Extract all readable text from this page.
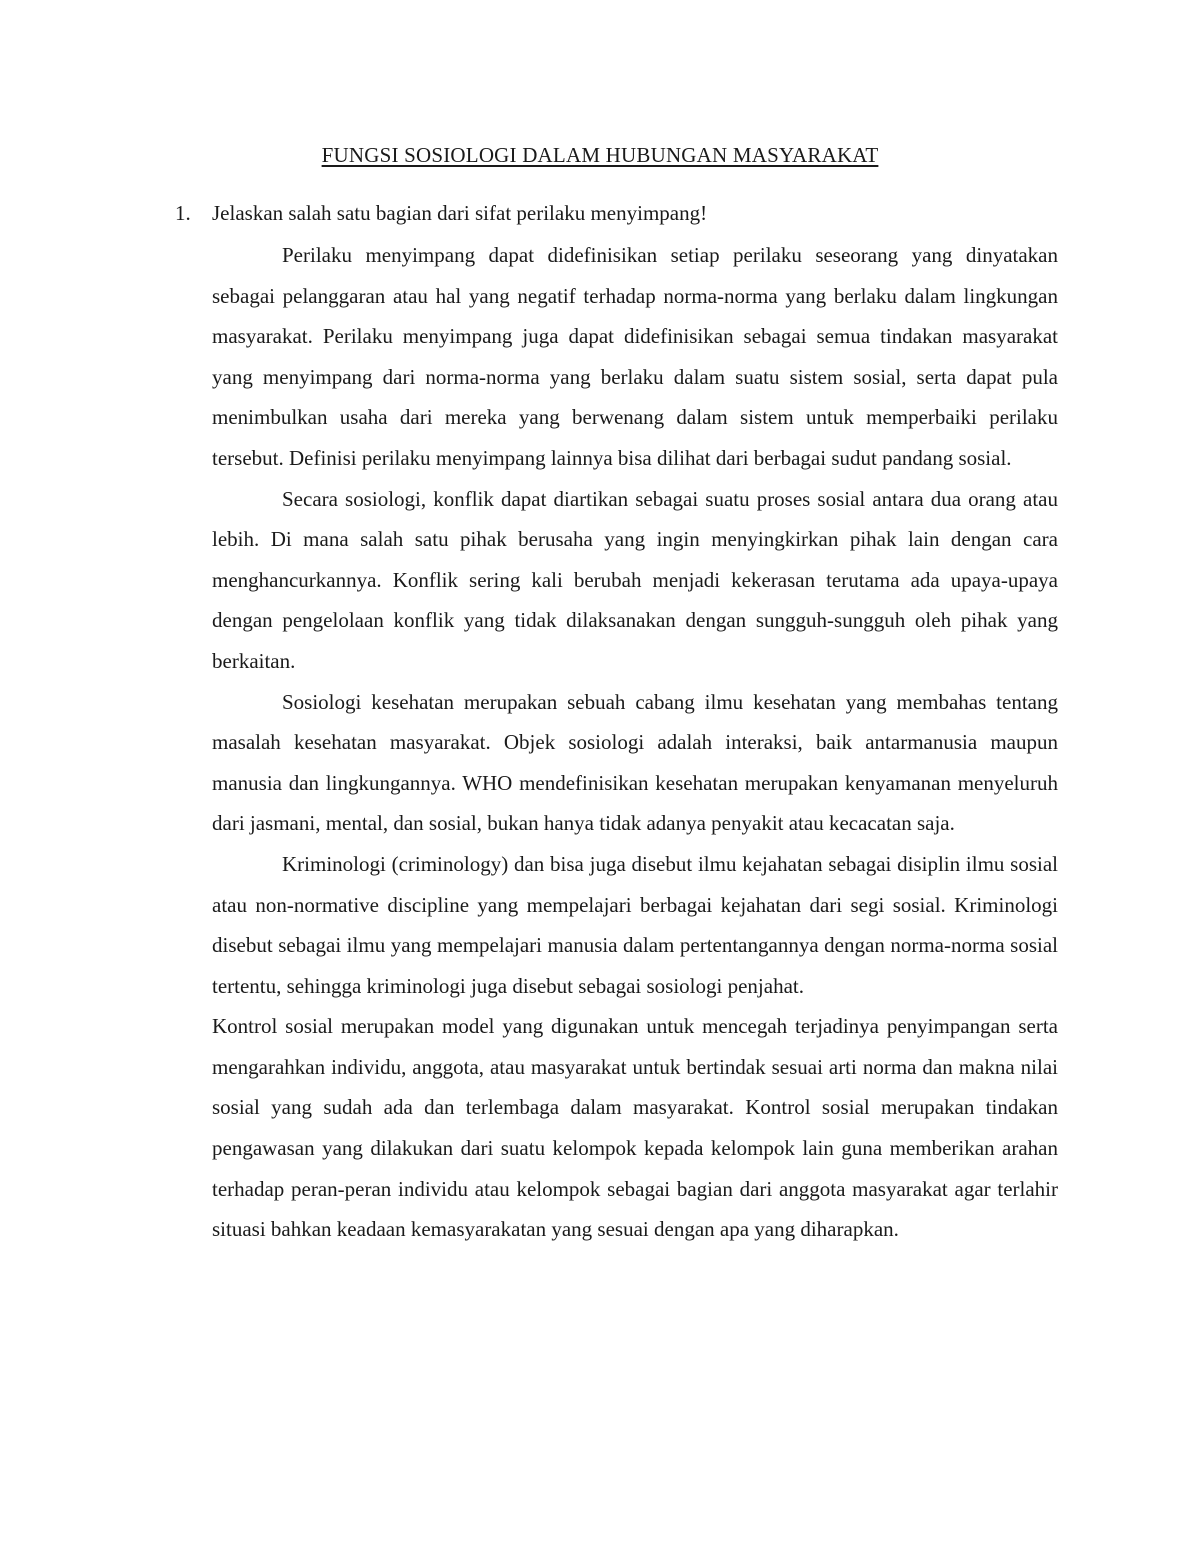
FUNGSI SOSIOLOGI DALAM HUBUNGAN MASYARAKAT

1. Jelaskan salah satu bagian dari sifat perilaku menyimpang!

Perilaku menyimpang dapat didefinisikan setiap perilaku seseorang yang dinyatakan sebagai pelanggaran atau hal yang negatif terhadap norma-norma yang berlaku dalam lingkungan masyarakat. Perilaku menyimpang juga dapat didefinisikan sebagai semua tindakan masyarakat yang menyimpang dari norma-norma yang berlaku dalam suatu sistem sosial, serta dapat pula menimbulkan usaha dari mereka yang berwenang dalam sistem untuk memperbaiki perilaku tersebut. Definisi perilaku menyimpang lainnya bisa dilihat dari berbagai sudut pandang sosial.

Secara sosiologi, konflik dapat diartikan sebagai suatu proses sosial antara dua orang atau lebih. Di mana salah satu pihak berusaha yang ingin menyingkirkan pihak lain dengan cara menghancurkannya. Konflik sering kali berubah menjadi kekerasan terutama ada upaya-upaya dengan pengelolaan konflik yang tidak dilaksanakan dengan sungguh-sungguh oleh pihak yang berkaitan.

Sosiologi kesehatan merupakan sebuah cabang ilmu kesehatan yang membahas tentang masalah kesehatan masyarakat. Objek sosiologi adalah interaksi, baik antarmanusia maupun manusia dan lingkungannya. WHO mendefinisikan kesehatan merupakan kenyamanan menyeluruh dari jasmani, mental, dan sosial, bukan hanya tidak adanya penyakit atau kecacatan saja.

Kriminologi (criminology) dan bisa juga disebut ilmu kejahatan sebagai disiplin ilmu sosial atau non-normative discipline yang mempelajari berbagai kejahatan dari segi sosial. Kriminologi disebut sebagai ilmu yang mempelajari manusia dalam pertentangannya dengan norma-norma sosial tertentu, sehingga kriminologi juga disebut sebagai sosiologi penjahat.

Kontrol sosial merupakan model yang digunakan untuk mencegah terjadinya penyimpangan serta mengarahkan individu, anggota, atau masyarakat untuk bertindak sesuai arti norma dan makna nilai sosial yang sudah ada dan terlembaga dalam masyarakat. Kontrol sosial merupakan tindakan pengawasan yang dilakukan dari suatu kelompok kepada kelompok lain guna memberikan arahan terhadap peran-peran individu atau kelompok sebagai bagian dari anggota masyarakat agar terlahir situasi bahkan keadaan kemasyarakatan yang sesuai dengan apa yang diharapkan.
